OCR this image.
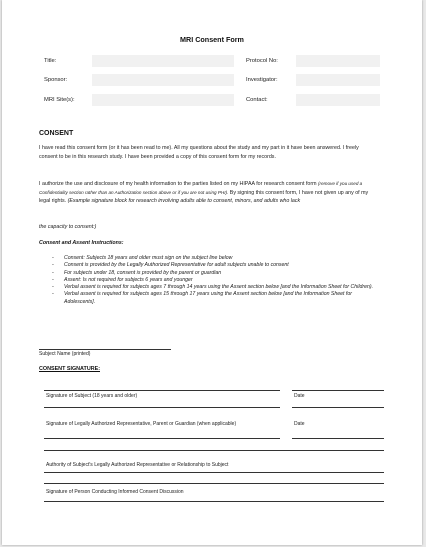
MRI Consent Form
Title:	Protocol No:
Sponsor:	Investigator:
MRI Site(s):	Contact:
CONSENT
I have read this consent form (or it has been read to me). All my questions about the study and my part in it have been answered. I freely consent to be in this research study. I have been provided a copy of this consent form for my records.
I authorize the use and disclosure of my health information to the parties listed on my HIPAA for research consent form (remove if you used a Confidentiality section rather than an Authorization section above or if you are not using PHI). By signing this consent form, I have not given up any of my legal rights. (Example signature block for research involving adults able to consent, minors, and adults who lack
the capacity to consent:)
Consent and Assent Instructions:
- Consent: Subjects 18 years and older must sign on the subject line below
- Consent is provided by the Legally Authorized Representative for adult subjects unable to consent
- For subjects under 18, consent is provided by the parent or guardian
- Assent: Is not required for subjects 6 years and younger
- Verbal assent is required for subjects ages 7 through 14 years using the Assent section below [and the Information Sheet for Children).
- Verbal assent is required for subjects ages 15 through 17 years using the Assent section below [and the Information Sheet for Adolescents].
Subject Name (printed)
CONSENT SIGNATURE:
Signature of Subject (18 years and older)	Date
Signature of Legally Authorized Representative, Parent or Guardian (when applicable)	Date
Authority of Subject's Legally Authorized Representative or Relationship to Subject
Signature of Person Conducting Informed Consent Discussion
